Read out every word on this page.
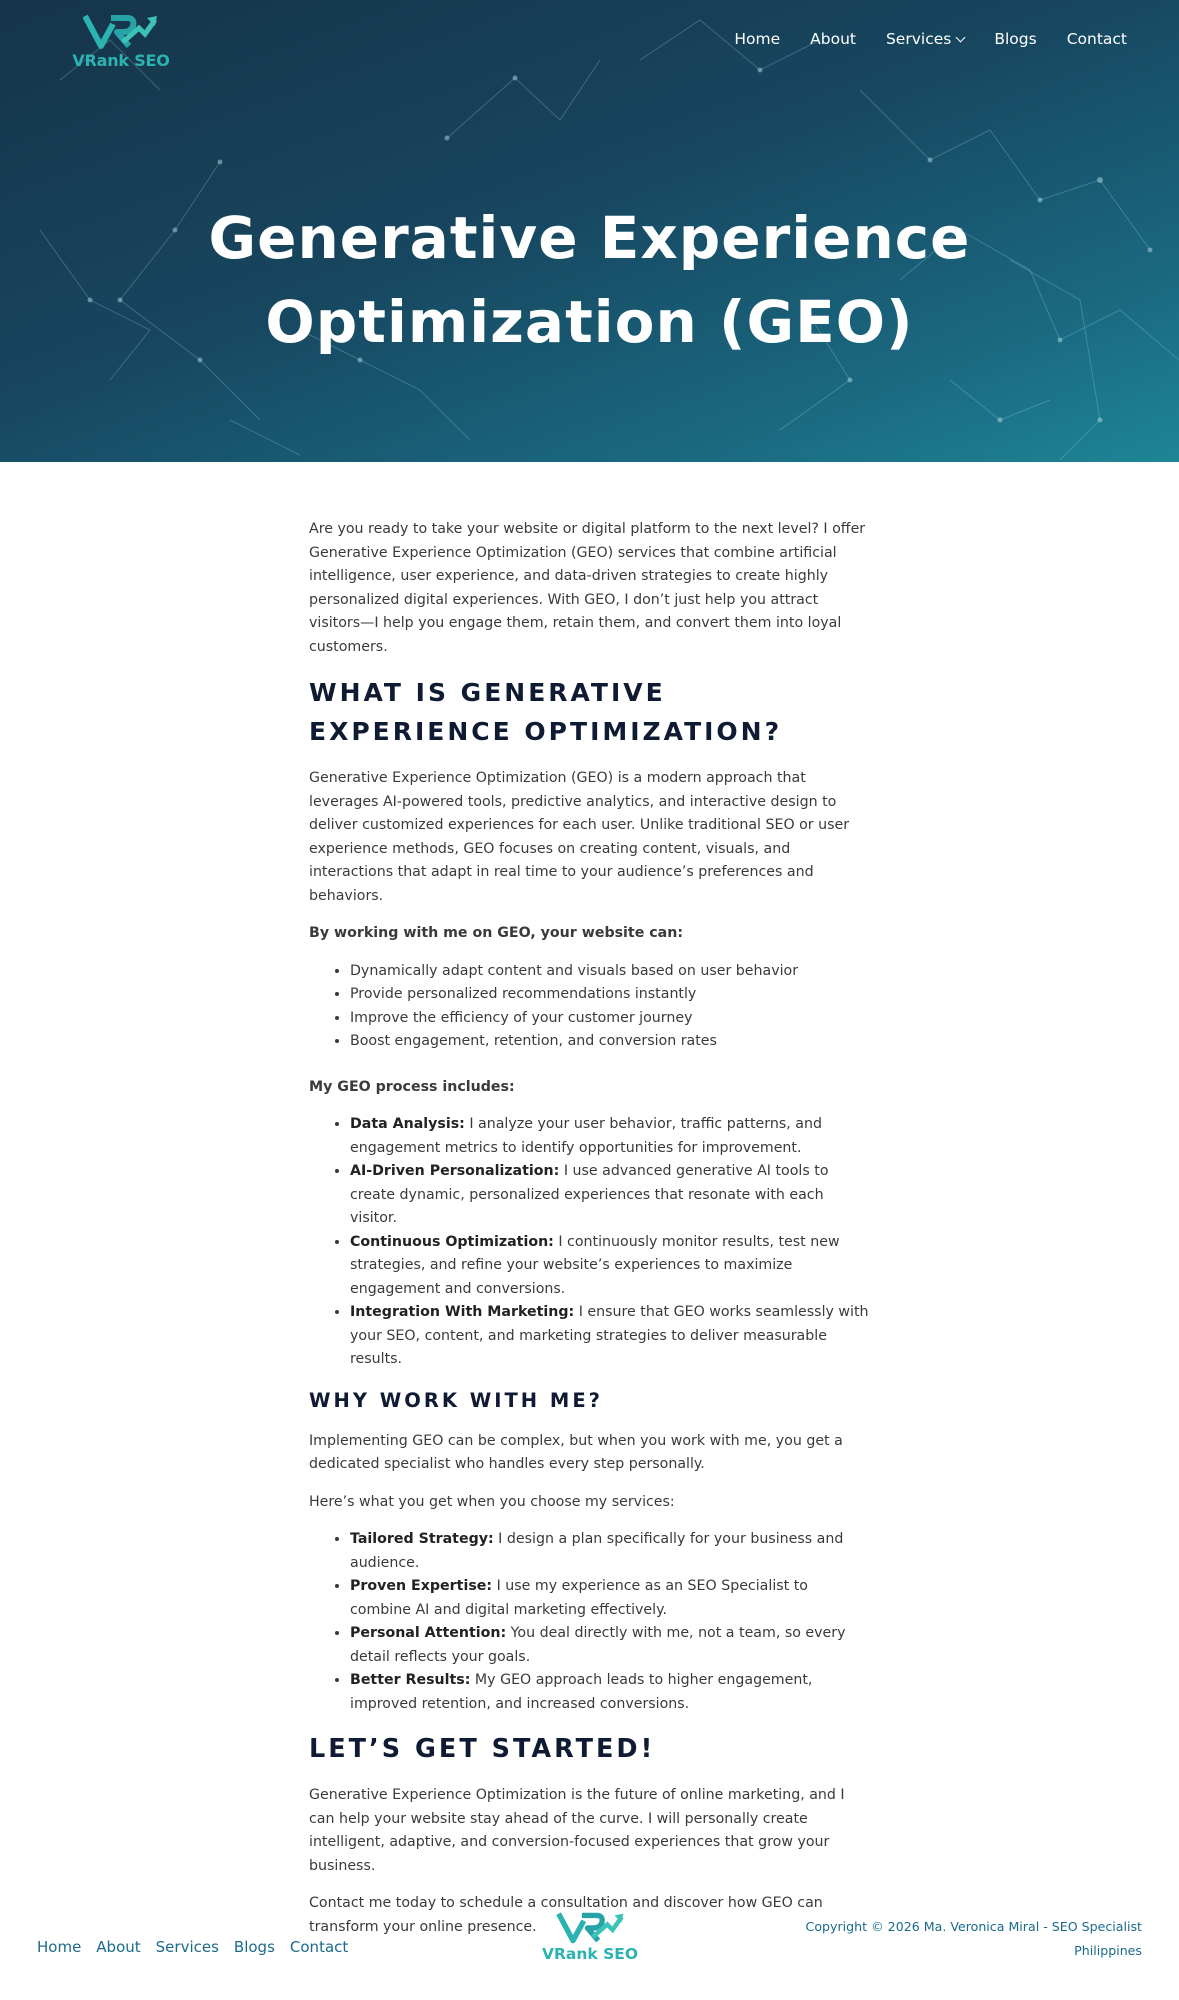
VRank SEO
Home About Services	Blogs Contact
Generative Experience
Optimization (GEO)

Are you ready to take your website or digital platform to the next level? I offer Generative Experience Optimization (GEO) services that combine artificial intelligence, user experience, and data-driven strategies to create highly personalized digital experiences. With GEO, I don’t just help you attract visitors—I help you engage them, retain them, and convert them into loyal customers.

WHAT IS GENERATIVE EXPERIENCE OPTIMIZATION?

Generative Experience Optimization (GEO) is a modern approach that leverages AI-powered tools, predictive analytics, and interactive design to deliver customized experiences for each user. Unlike traditional SEO or user experience methods, GEO focuses on creating content, visuals, and interactions that adapt in real time to your audience’s preferences and behaviors.

By working with me on GEO, your website can:

• Dynamically adapt content and visuals based on user behavior
• Provide personalized recommendations instantly
• Improve the efficiency of your customer journey
• Boost engagement, retention, and conversion rates

My GEO process includes:

• Data Analysis: I analyze your user behavior, traffic patterns, and engagement metrics to identify opportunities for improvement.
• AI-Driven Personalization: I use advanced generative AI tools to create dynamic, personalized experiences that resonate with each visitor.
• Continuous Optimization: I continuously monitor results, test new strategies, and refine your website’s experiences to maximize engagement and conversions.
• Integration With Marketing: I ensure that GEO works seamlessly with your SEO, content, and marketing strategies to deliver measurable results.
WHY WORK WITH ME?

Implementing GEO can be complex, but when you work with me, you get a dedicated specialist who handles every step personally.

Here’s what you get when you choose my services:

• Tailored Strategy: I design a plan specifically for your business and audience.
• Proven Expertise: I use my experience as an SEO Specialist to combine AI and digital marketing effectively.
• Personal Attention: You deal directly with me, not a team, so every detail reflects your goals.
• Better Results: My GEO approach leads to higher engagement, improved retention, and increased conversions.
LET’S GET STARTED!

Generative Experience Optimization is the future of online marketing, and I can help your website stay ahead of the curve. I will personally create intelligent, adaptive, and conversion-focused experiences that grow your business.

Contact me today to schedule a consultation and discover how GEO can transform your online presence.

Home About Services Blogs Contact	VRank SEO
Copyright © 2026 Ma. Veronica Miral - SEO Specialist
Philippines
